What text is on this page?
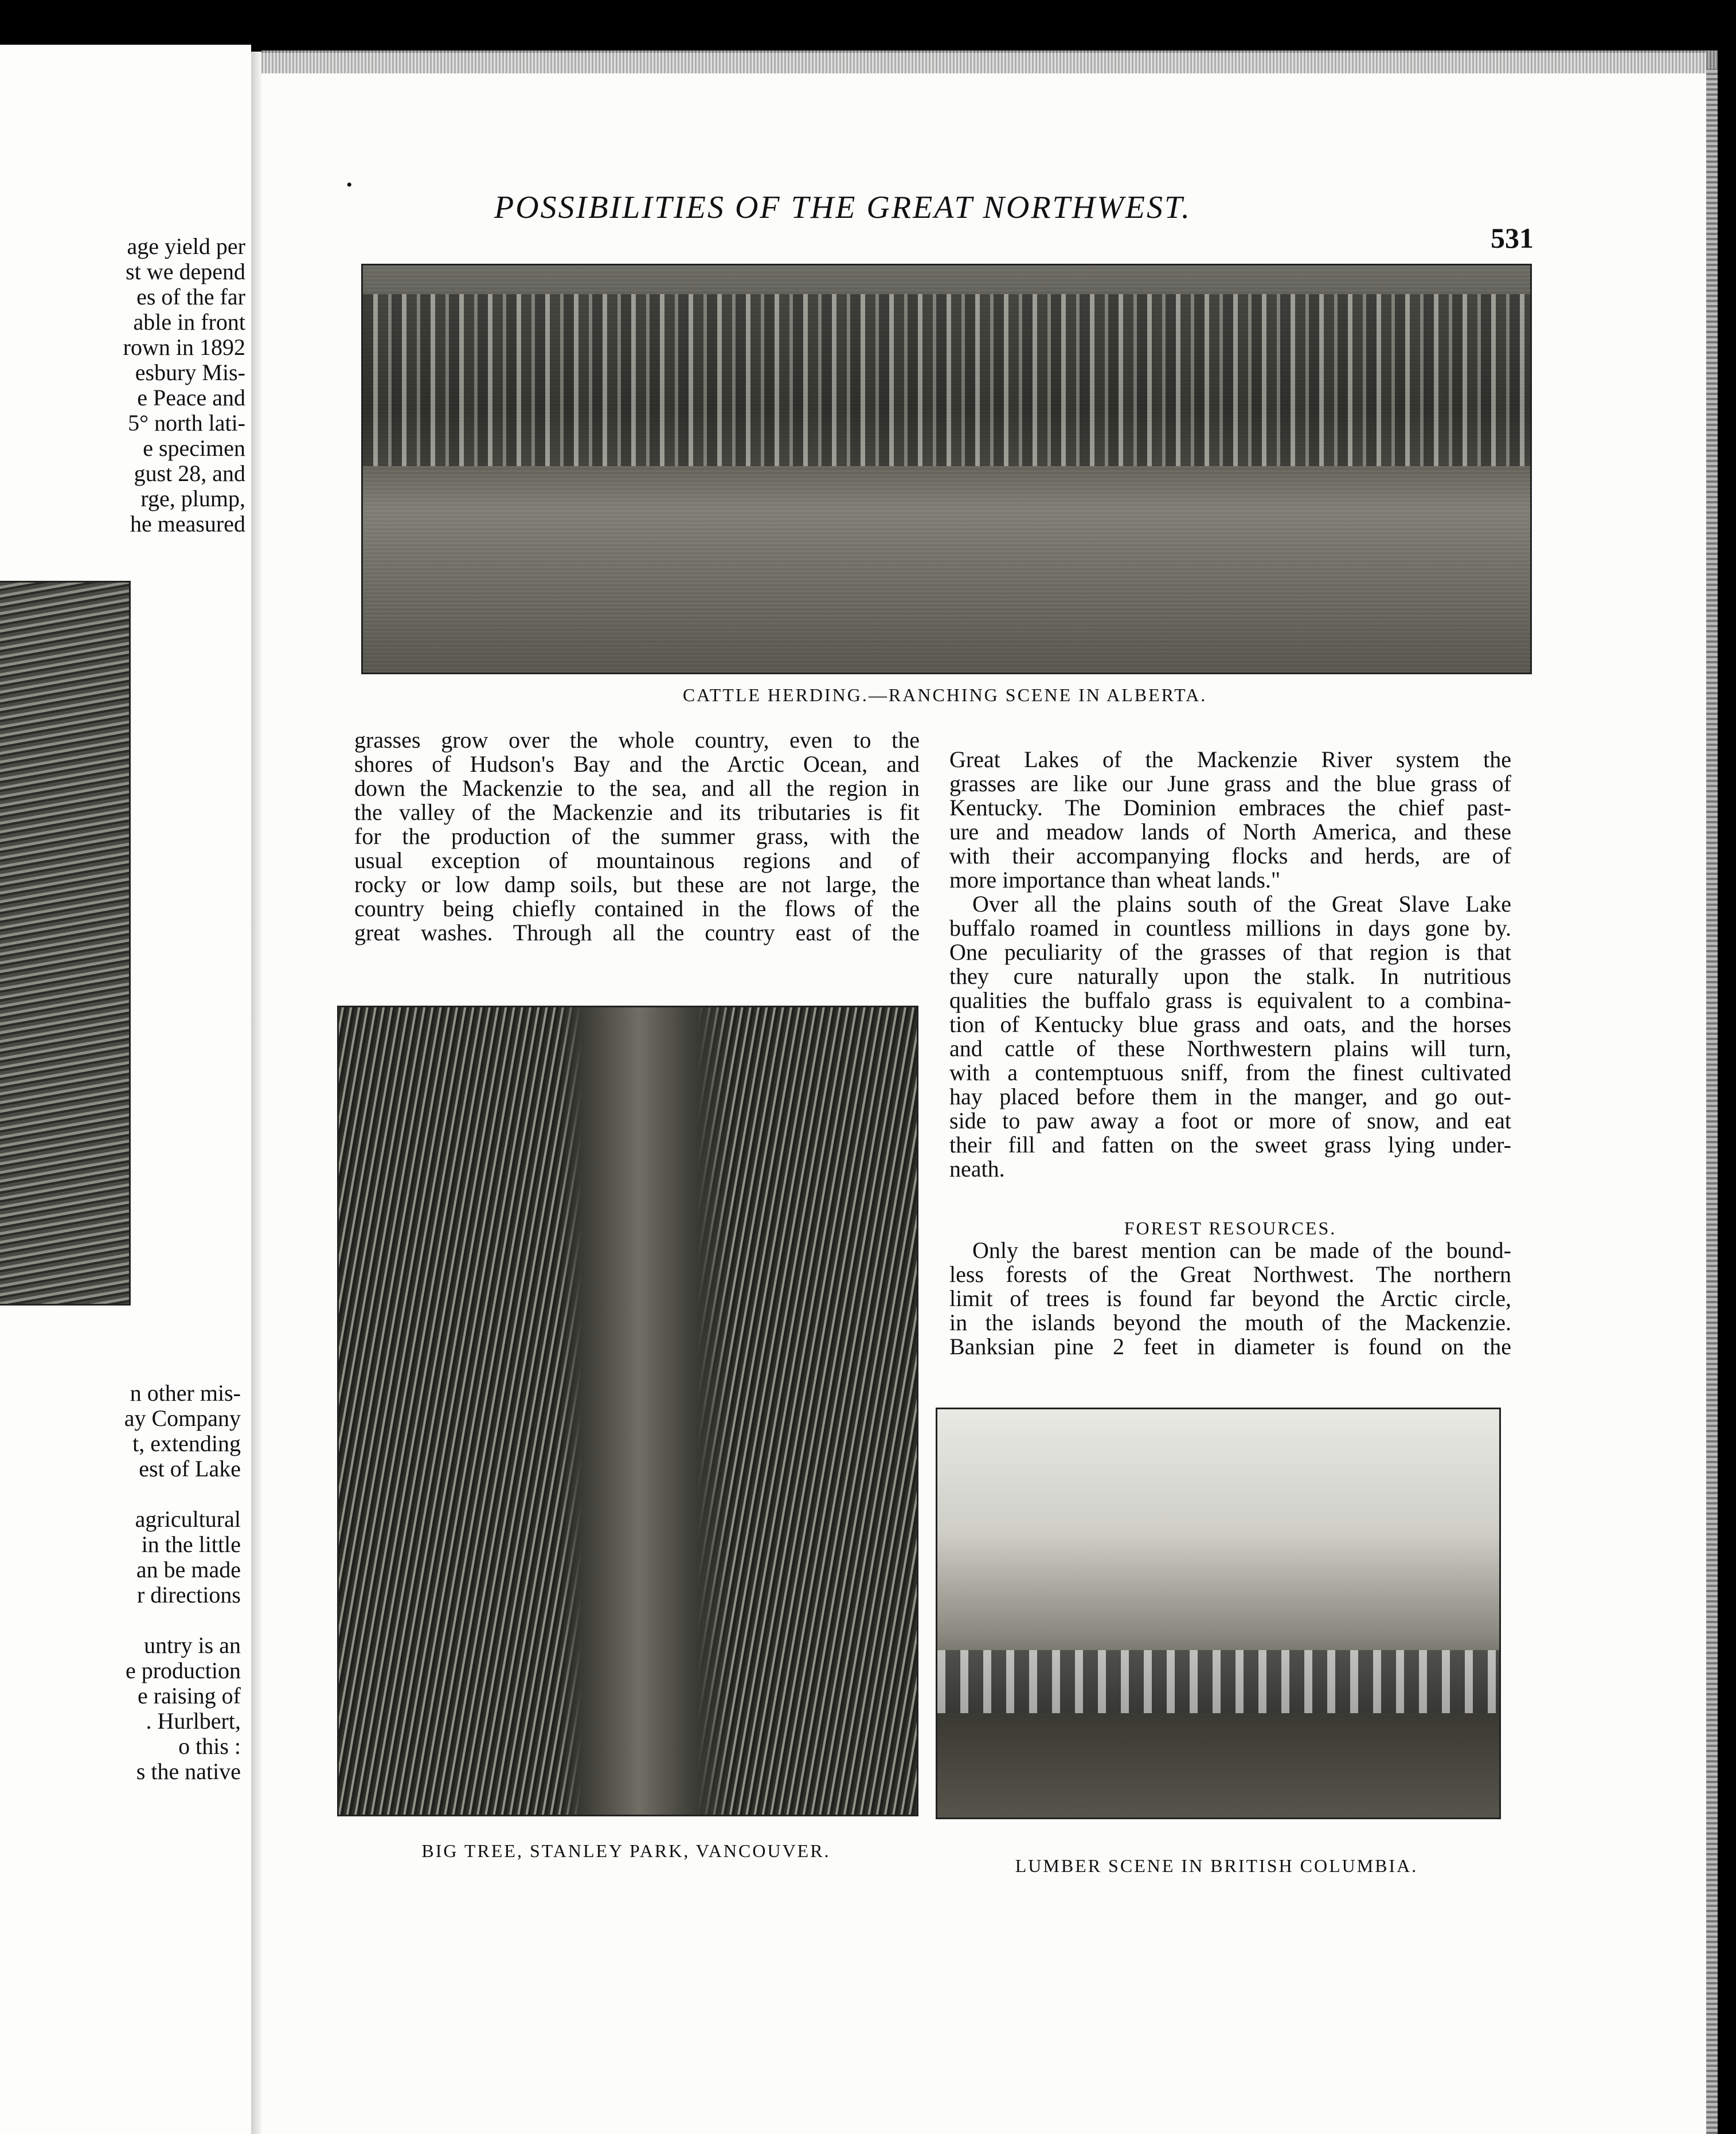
age yield per
st we depend
es of the far
able in front
rown in 1892
esbury Mis-
e Peace and
5° north lati-
e specimen
gust 28, and
rge, plump,
he measured
n other mis-
ay Company
t, extending
est of Lake

agricultural
in the little
an be made
r directions

untry is an
e production
e raising of
. Hurlbert,
o this :
s the native
•
POSSIBILITIES OF THE GREAT NORTHWEST.
531
CATTLE HERDING.—RANCHING SCENE IN ALBERTA.
grasses grow over the whole country, even to the
shores of Hudson's Bay and the Arctic Ocean, and
down the Mackenzie to the sea, and all the region in
the valley of the Mackenzie and its tributaries is fit
for the production of the summer grass, with the
usual exception of mountainous regions and of
rocky or low damp soils, but these are not large, the
country being chiefly contained in the flows of the
great washes. Through all the country east of the
BIG TREE, STANLEY PARK, VANCOUVER.
Great Lakes of the Mackenzie River system the
grasses are like our June grass and the blue grass of
Kentucky. The Dominion embraces the chief past-
ure and meadow lands of North America, and these
with their accompanying flocks and herds, are of
more importance than wheat lands."
Over all the plains south of the Great Slave Lake
buffalo roamed in countless millions in days gone by.
One peculiarity of the grasses of that region is that
they cure naturally upon the stalk. In nutritious
qualities the buffalo grass is equivalent to a combina-
tion of Kentucky blue grass and oats, and the horses
and cattle of these Northwestern plains will turn,
with a contemptuous sniff, from the finest cultivated
hay placed before them in the manger, and go out-
side to paw away a foot or more of snow, and eat
their fill and fatten on the sweet grass lying under-
neath.
FOREST RESOURCES.
Only the barest mention can be made of the bound-
less forests of the Great Northwest. The northern
limit of trees is found far beyond the Arctic circle,
in the islands beyond the mouth of the Mackenzie.
Banksian pine 2 feet in diameter is found on the
LUMBER SCENE IN BRITISH COLUMBIA.
